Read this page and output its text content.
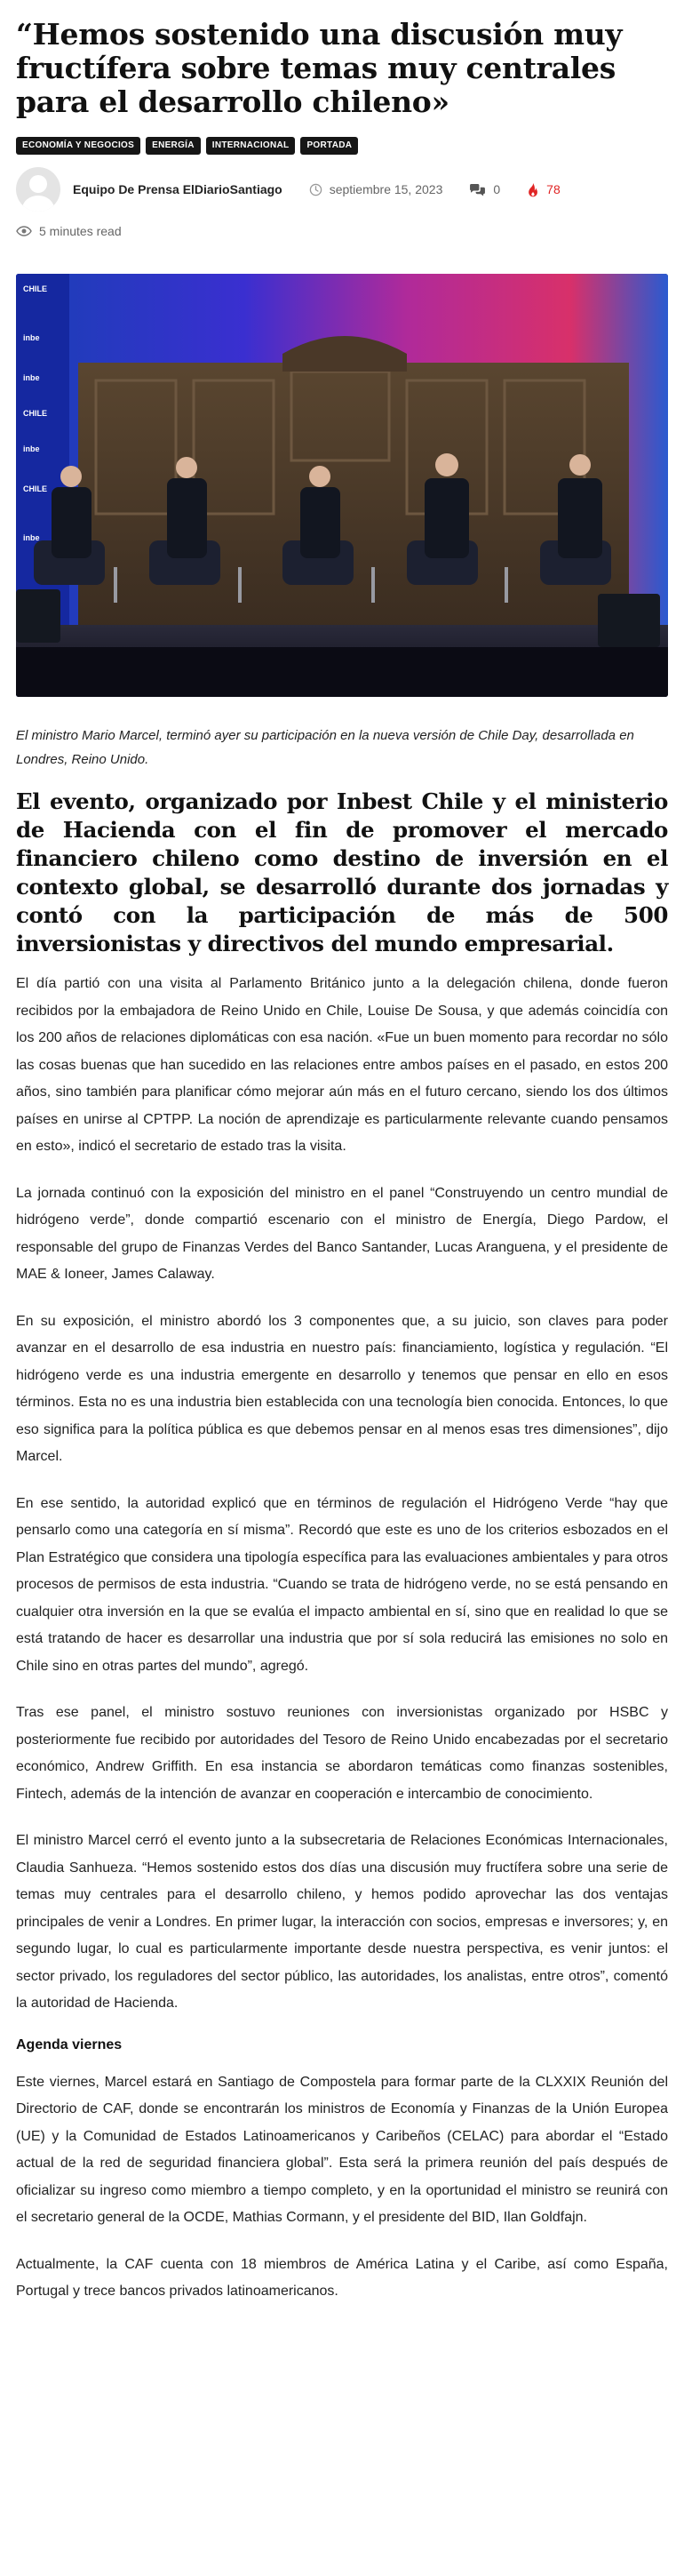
“Hemos sostenido una discusión muy fructífera sobre temas muy centrales para el desarrollo chileno»
ECONOMÍA Y NEGOCIOS	ENERGÍA	INTERNACIONAL	PORTADA
Equipo De Prensa ElDiarioSantiago	septiembre 15, 2023	0	78
5 minutes read
CHILE
inbe
inbe
CHILE
inbe
CHILE
inbe

El ministro Mario Marcel, terminó ayer su participación en la nueva versión de Chile Day, desarrollada en Londres, Reino Unido.

El evento, organizado por Inbest Chile y el ministerio de Hacienda con el fin de promover el mercado financiero chileno como destino de inversión en el contexto global, se desarrolló durante dos jornadas y contó con la participación de más de 500 inversionistas y directivos del mundo empresarial.

El día partió con una visita al Parlamento Británico junto a la delegación chilena, donde fueron recibidos por la embajadora de Reino Unido en Chile, Louise De Sousa, y que además coincidía con los 200 años de relaciones diplomáticas con esa nación. «Fue un buen momento para recordar no sólo las cosas buenas que han sucedido en las relaciones entre ambos países en el pasado, en estos 200 años, sino también para planificar cómo mejorar aún más en el futuro cercano, siendo los dos últimos países en unirse al CPTPP. La noción de aprendizaje es particularmente relevante cuando pensamos en esto», indicó el secretario de estado tras la visita.

La jornada continuó con la exposición del ministro en el panel “Construyendo un centro mundial de hidrógeno verde”, donde compartió escenario con el ministro de Energía, Diego Pardow, el responsable del grupo de Finanzas Verdes del Banco Santander, Lucas Aranguena, y el presidente de MAE & Ioneer, James Calaway.

En su exposición, el ministro abordó los 3 componentes que, a su juicio, son claves para poder avanzar en el desarrollo de esa industria en nuestro país: financiamiento, logística y regulación. “El hidrógeno verde es una industria emergente en desarrollo y tenemos que pensar en ello en esos términos. Esta no es una industria bien establecida con una tecnología bien conocida. Entonces, lo que eso significa para la política pública es que debemos pensar en al menos esas tres dimensiones”, dijo Marcel.

En ese sentido, la autoridad explicó que en términos de regulación el Hidrógeno Verde “hay que pensarlo como una categoría en sí misma”. Recordó que este es uno de los criterios esbozados en el Plan Estratégico que considera una tipología específica para las evaluaciones ambientales y para otros procesos de permisos de esta industria. “Cuando se trata de hidrógeno verde, no se está pensando en cualquier otra inversión en la que se evalúa el impacto ambiental en sí, sino que en realidad lo que se está tratando de hacer es desarrollar una industria que por sí sola reducirá las emisiones no solo en Chile sino en otras partes del mundo”, agregó.

Tras ese panel, el ministro sostuvo reuniones con inversionistas organizado por HSBC y posteriormente fue recibido por autoridades del Tesoro de Reino Unido encabezadas por el secretario económico, Andrew Griffith. En esa instancia se abordaron temáticas como finanzas sostenibles, Fintech, además de la intención de avanzar en cooperación e intercambio de conocimiento.

El ministro Marcel cerró el evento junto a la subsecretaria de Relaciones Económicas Internacionales, Claudia Sanhueza. “Hemos sostenido estos dos días una discusión muy fructífera sobre una serie de temas muy centrales para el desarrollo chileno, y hemos podido aprovechar las dos ventajas principales de venir a Londres. En primer lugar, la interacción con socios, empresas e inversores; y, en segundo lugar, lo cual es particularmente importante desde nuestra perspectiva, es venir juntos: el sector privado, los reguladores del sector público, las autoridades, los analistas, entre otros”, comentó la autoridad de Hacienda.

Agenda viernes

Este viernes, Marcel estará en Santiago de Compostela para formar parte de la CLXXIX Reunión del Directorio de CAF, donde se encontrarán los ministros de Economía y Finanzas de la Unión Europea (UE) y la Comunidad de Estados Latinoamericanos y Caribeños (CELAC) para abordar el “Estado actual de la red de seguridad financiera global”. Esta será la primera reunión del país después de oficializar su ingreso como miembro a tiempo completo, y en la oportunidad el ministro se reunirá con el secretario general de la OCDE, Mathias Cormann, y el presidente del BID, Ilan Goldfajn.

Actualmente, la CAF cuenta con 18 miembros de América Latina y el Caribe, así como España, Portugal y trece bancos privados latinoamericanos.
